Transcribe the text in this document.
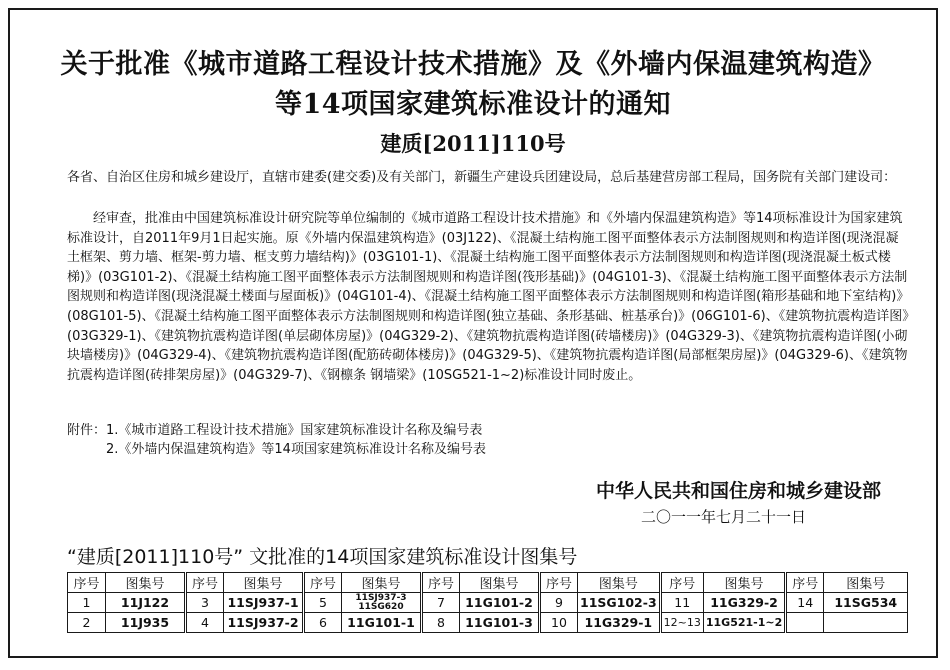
关于批准《城市道路工程设计技术措施》及《外墙内保温建筑构造》
等14项国家建筑标准设计的通知
建质[2011]110号
各省、自治区住房和城乡建设厅，直辖市建委(建交委)及有关部门，新疆生产建设兵团建设局，总后基建营房部工程局，国务院有关部门建设司：
经审查，批准由中国建筑标准设计研究院等单位编制的《城市道路工程设计技术措施》和《外墙内保温建筑构造》等14项标准设计为国家建筑标准设计，自2011年9月1日起实施。原《外墙内保温建筑构造》(03J122)、《混凝土结构施工图平面整体表示方法制图规则和构造详图(现浇混凝土框架、剪力墙、框架-剪力墙、框支剪力墙结构)》(03G101-1)、《混凝土结构施工图平面整体表示方法制图规则和构造详图(现浇混凝土板式楼梯)》(03G101-2)、《混凝土结构施工图平面整体表示方法制图规则和构造详图(筏形基础)》(04G101-3)、《混凝土结构施工图平面整体表示方法制图规则和构造详图(现浇混凝土楼面与屋面板)》(04G101-4)、《混凝土结构施工图平面整体表示方法制图规则和构造详图(箱形基础和地下室结构)》(08G101-5)、《混凝土结构施工图平面整体表示方法制图规则和构造详图(独立基础、条形基础、桩基承台)》(06G101-6)、《建筑物抗震构造详图》(03G329-1)、《建筑物抗震构造详图(单层砌体房屋)》(04G329-2)、《建筑物抗震构造详图(砖墙楼房)》(04G329-3)、《建筑物抗震构造详图(小砌块墙楼房)》(04G329-4)、《建筑物抗震构造详图(配筋砖砌体楼房)》(04G329-5)、《建筑物抗震构造详图(局部框架房屋)》(04G329-6)、《建筑物抗震构造详图(砖排架房屋)》(04G329-7)、《钢檩条 钢墙梁》(10SG521-1~2)标准设计同时废止。
附件： 1.《城市道路工程设计技术措施》国家建筑标准设计名称及编号表
2.《外墙内保温建筑构造》等14项国家建筑标准设计名称及编号表
中华人民共和国住房和城乡建设部
二〇一一年七月二十一日
“建质[2011]110号” 文批准的14项国家建筑标准设计图集号
序号	图集号	序号	图集号	序号	图集号	序号	图集号	序号	图集号	序号	图集号	序号	图集号
1	11J122	3	11SJ937-1	5	11SJ937-3 11SG620	7	11G101-2	9	11SG102-3	11	11G329-2	14	11SG534
2	11J935	4	11SJ937-2	6	11G101-1	8	11G101-3	10	11G329-1	12~13	11G521-1~2		
